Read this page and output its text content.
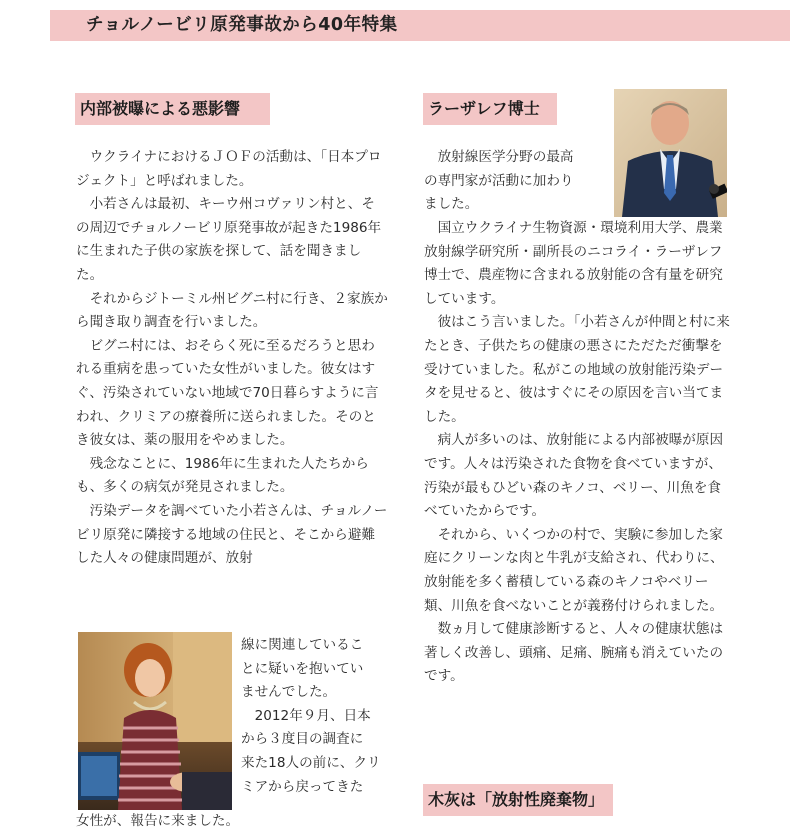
チョルノービリ原発事故から40年特集
内部被曝による悪影響

ウクライナにおけるＪＯＦの活動は、「日本プロジェクト」と呼ばれました。

小若さんは最初、キーウ州コヴァリン村と、その周辺でチョルノービリ原発事故が起きた1986年に生まれた子供の家族を探して、話を聞きました。

それからジトーミル州ビグニ村に行き、２家族から聞き取り調査を行いました。

ビグニ村には、おそらく死に至るだろうと思われる重病を患っていた女性がいました。彼女はすぐ、汚染されていない地域で70日暮らすように言われ、クリミアの療養所に送られました。そのとき彼女は、薬の服用をやめました。

残念なことに、1986年に生まれた人たちからも、多くの病気が発見されました。

汚染データを調べていた小若さんは、チョルノービリ原発に隣接する地域の住民と、そこから避難した人々の健康問題が、放射

線に関連しているこ

とに疑いを抱いてい

ませんでした。

　2012年９月、日本

から３度目の調査に

来た18人の前に、クリ

ミアから戻ってきた

女性が、報告に来ました。

ラーザレフ博士

　放射線医学分野の最高

の専門家が活動に加わり

ました。

国立ウクライナ生物資源・環境利用大学、農業放射線学研究所・副所長のニコライ・ラーザレフ博士で、農産物に含まれる放射能の含有量を研究しています。

彼はこう言いました。「小若さんが仲間と村に来たとき、子供たちの健康の悪さにただただ衝撃を受けていました。私がこの地域の放射能汚染データを見せると、彼はすぐにその原因を言い当てました。

病人が多いのは、放射能による内部被曝が原因です。人々は汚染された食物を食べていますが、汚染が最もひどい森のキノコ、ベリー、川魚を食べていたからです。

それから、いくつかの村で、実験に参加した家庭にクリーンな肉と牛乳が支給され、代わりに、放射能を多く蓄積している森のキノコやベリー類、川魚を食べないことが義務付けられました。

数ヵ月して健康診断すると、人々の健康状態は著しく改善し、頭痛、足痛、腕痛も消えていたのです。

木灰は「放射性廃棄物」
